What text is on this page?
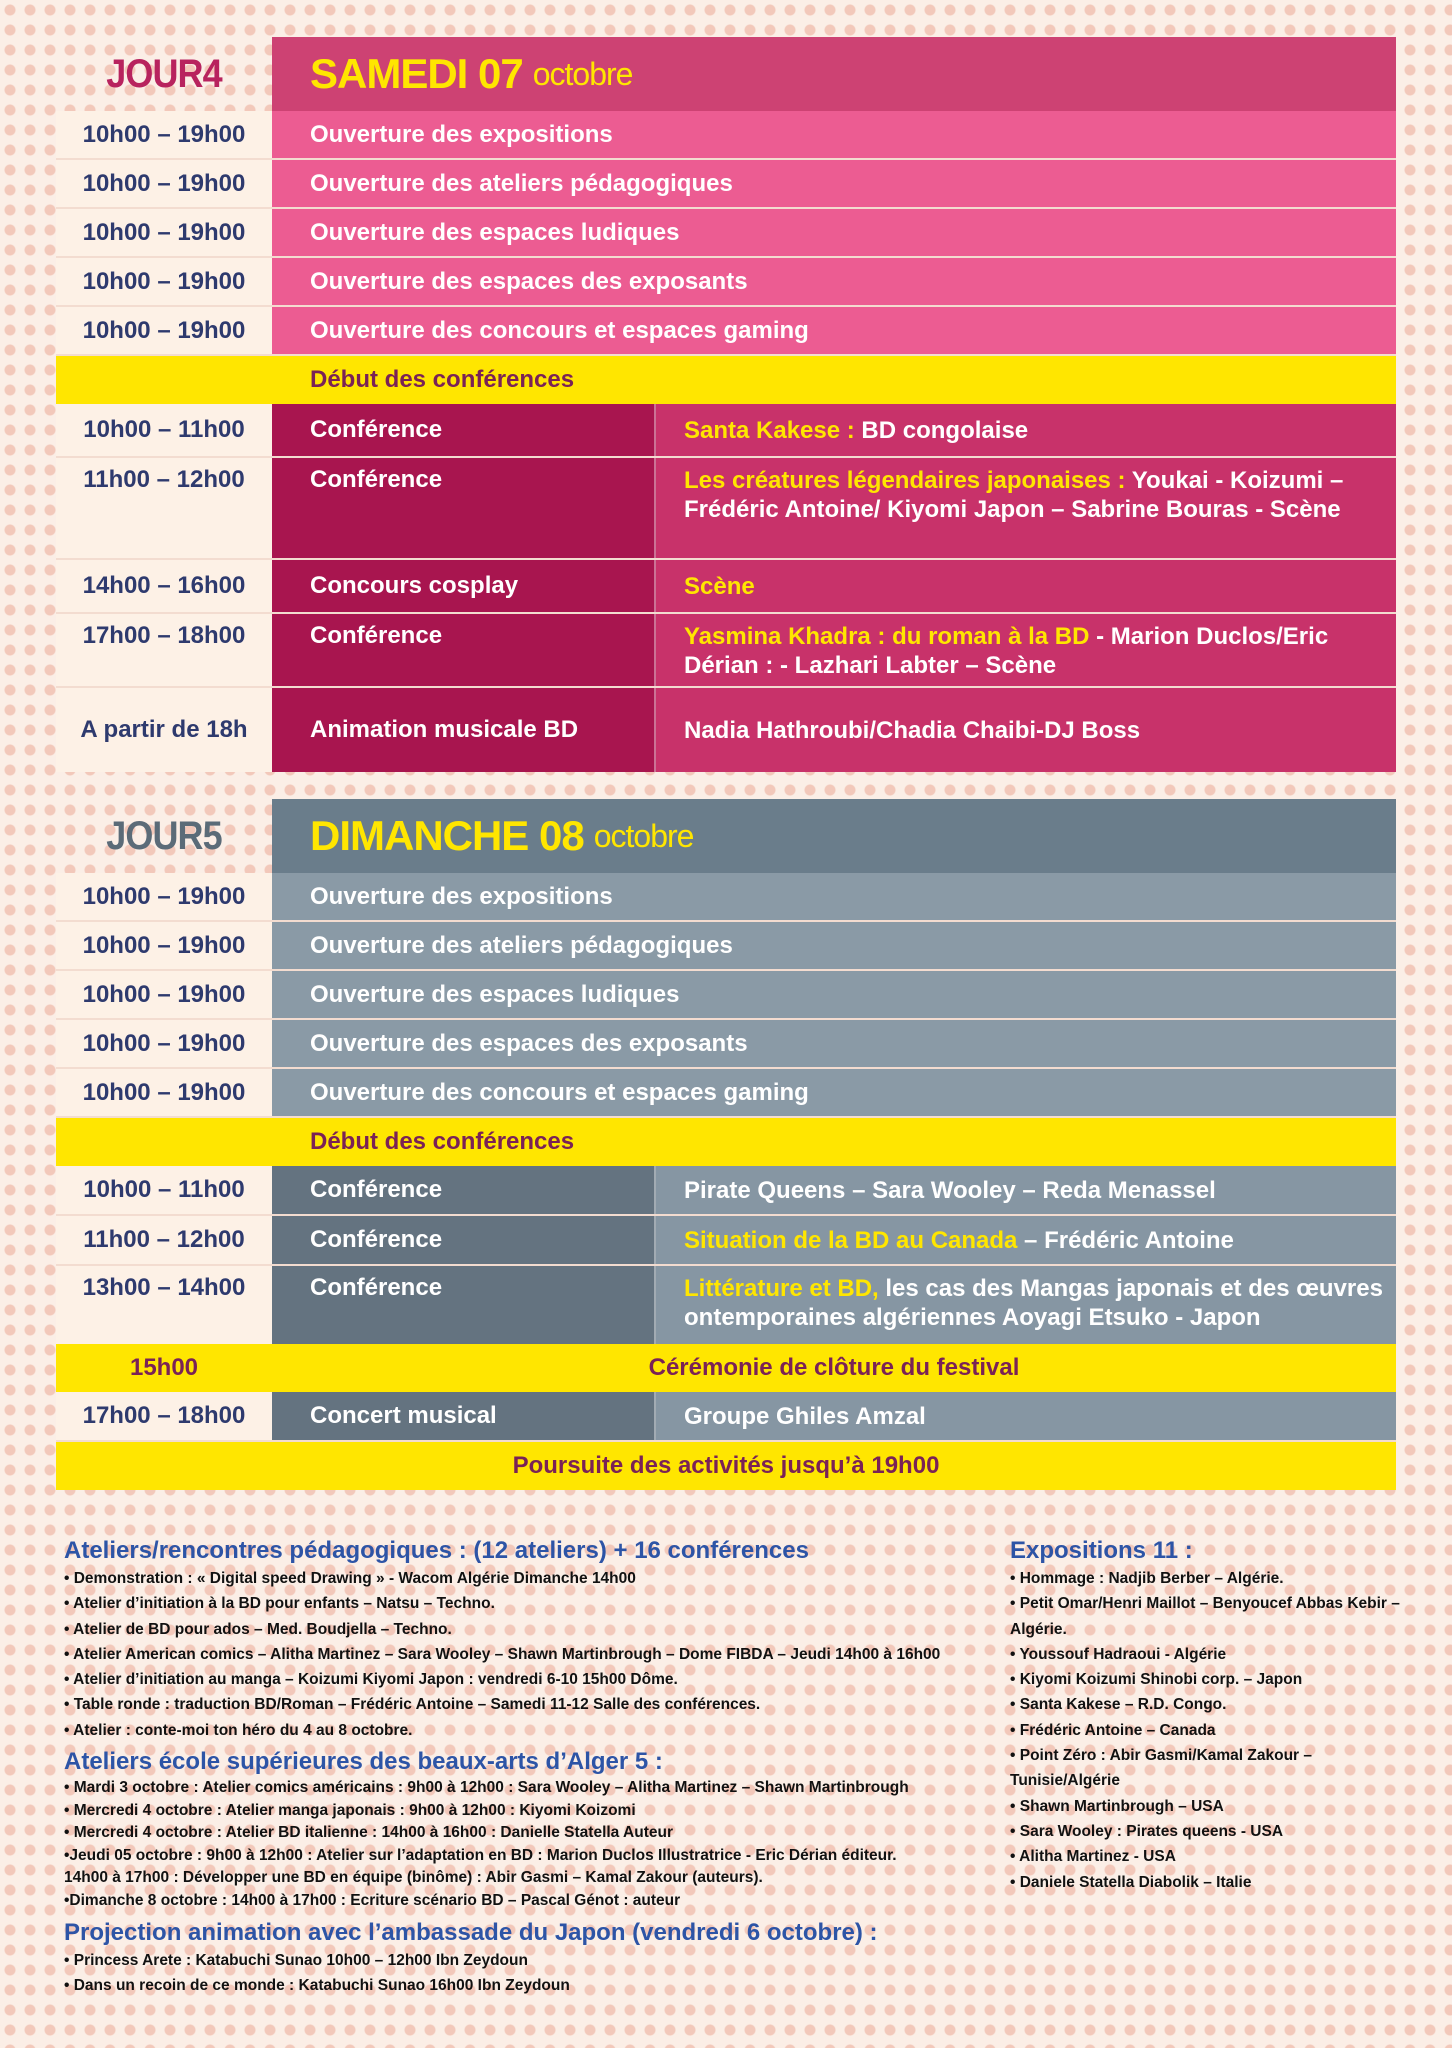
JOUR4	SAMEDI 07 octobre
10h00 – 19h00	Ouverture des expositions
10h00 – 19h00	Ouverture des ateliers pédagogiques
10h00 – 19h00	Ouverture des espaces ludiques
10h00 – 19h00	Ouverture des espaces des exposants
10h00 – 19h00	Ouverture des concours et espaces gaming
Début des conférences
10h00 – 11h00	Conférence	Santa Kakese : BD congolaise
11h00 – 12h00	Conférence	Les créatures légendaires japonaises : Youkai - Koizumi – Frédéric Antoine/ Kiyomi Japon – Sabrine Bouras - Scène
14h00 – 16h00	Concours cosplay	Scène
17h00 – 18h00	Conférence	Yasmina Khadra : du roman à la BD - Marion Duclos/Eric Dérian : - Lazhari Labter – Scène
A partir de 18h	Animation musicale BD	Nadia Hathroubi/Chadia Chaibi-DJ Boss
JOUR5	DIMANCHE 08 octobre
10h00 – 19h00	Ouverture des expositions
10h00 – 19h00	Ouverture des ateliers pédagogiques
10h00 – 19h00	Ouverture des espaces ludiques
10h00 – 19h00	Ouverture des espaces des exposants
10h00 – 19h00	Ouverture des concours et espaces gaming
Début des conférences
10h00 – 11h00	Conférence	Pirate Queens – Sara Wooley – Reda Menassel
11h00 – 12h00	Conférence	Situation de la BD au Canada – Frédéric Antoine
13h00 – 14h00	Conférence	Littérature et BD, les cas des Mangas japonais et des œuvres ontemporaines algériennes Aoyagi Etsuko - Japon
15h00	Cérémonie de clôture du festival
17h00 – 18h00	Concert musical	Groupe Ghiles Amzal
Poursuite des activités jusqu’à 19h00

Ateliers/rencontres pédagogiques : (12 ateliers) + 16 conférences

• Demonstration : « Digital speed Drawing » - Wacom Algérie Dimanche 14h00

• Atelier d’initiation à la BD pour enfants – Natsu – Techno.

• Atelier de BD pour ados – Med. Boudjella – Techno.

• Atelier American comics – Alitha Martinez – Sara Wooley – Shawn Martinbrough – Dome FIBDA – Jeudi 14h00 à 16h00

• Atelier d’initiation au manga – Koizumi Kiyomi Japon : vendredi 6-10 15h00 Dôme.

• Table ronde : traduction BD/Roman – Frédéric Antoine – Samedi 11-12 Salle des conférences.

• Atelier : conte-moi ton héro du 4 au 8 octobre.

Ateliers école supérieures des beaux-arts d’Alger 5 :

• Mardi 3 octobre : Atelier comics américains : 9h00 à 12h00 : Sara Wooley – Alitha Martinez – Shawn Martinbrough

• Mercredi 4 octobre : Atelier manga japonais : 9h00 à 12h00 : Kiyomi Koizomi

• Mercredi 4 octobre : Atelier BD italienne : 14h00 à 16h00 : Danielle Statella Auteur

•Jeudi 05 octobre : 9h00 à 12h00 : Atelier sur l’adaptation en BD : Marion Duclos Illustratrice - Eric Dérian éditeur.

14h00 à 17h00 : Développer une BD en équipe (binôme) : Abir Gasmi – Kamal Zakour (auteurs).

•Dimanche 8 octobre : 14h00 à 17h00 : Ecriture scénario BD – Pascal Génot : auteur

Projection animation avec l’ambassade du Japon (vendredi 6 octobre) :

• Princess Arete : Katabuchi Sunao 10h00 – 12h00 Ibn Zeydoun

• Dans un recoin de ce monde : Katabuchi Sunao 16h00 Ibn Zeydoun

Expositions 11 :

• Hommage : Nadjib Berber – Algérie.

• Petit Omar/Henri Maillot – Benyoucef Abbas Kebir – Algérie.

• Youssouf Hadraoui - Algérie

• Kiyomi Koizumi Shinobi corp. – Japon

• Santa Kakese – R.D. Congo.

• Frédéric Antoine – Canada

• Point Zéro : Abir Gasmi/Kamal Zakour – Tunisie/Algérie

• Shawn Martinbrough – USA

• Sara Wooley : Pirates queens - USA

• Alitha Martinez - USA

• Daniele Statella Diabolik – Italie
